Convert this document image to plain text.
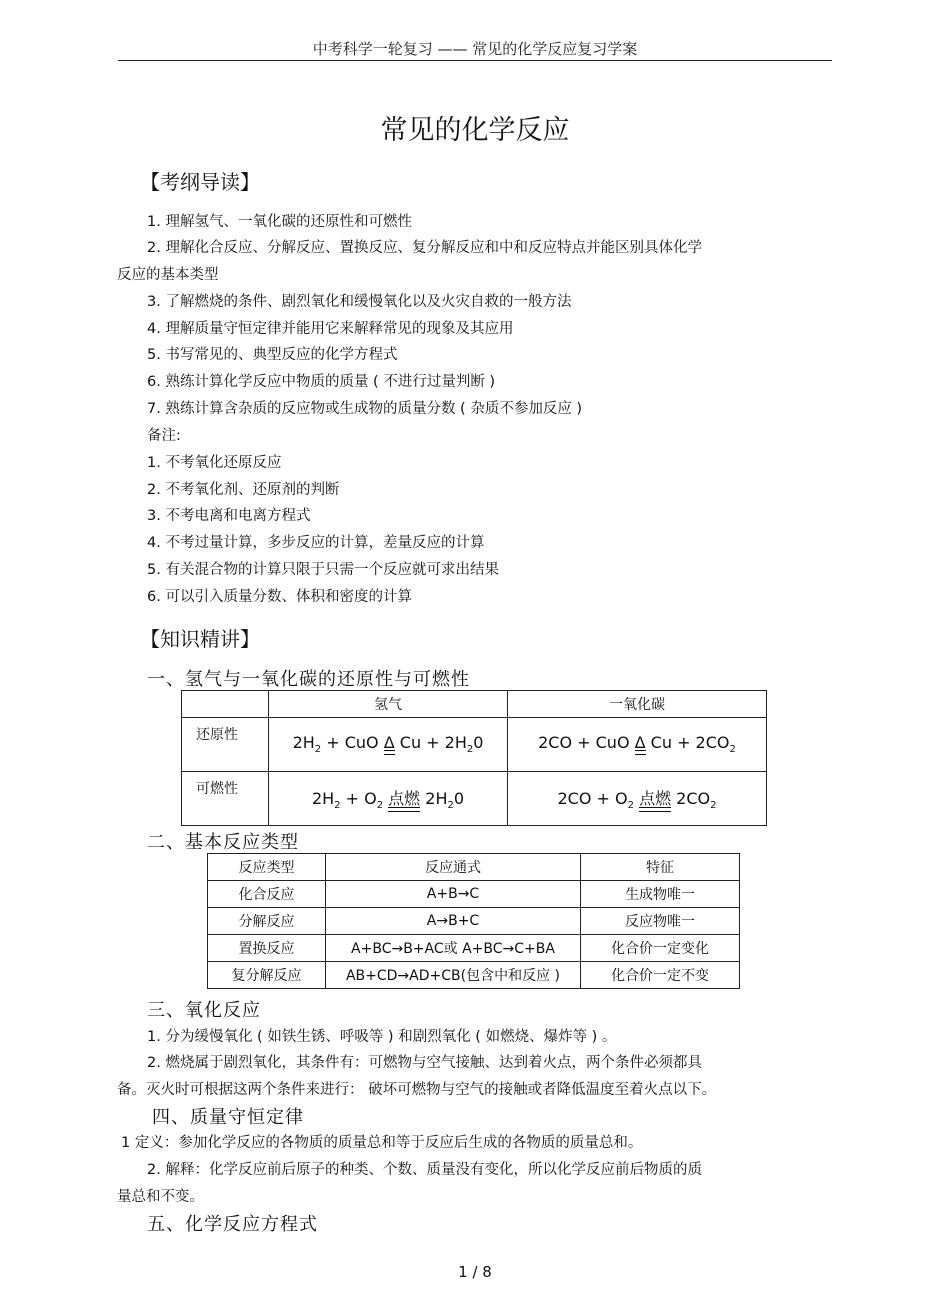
中考科学一轮复习 —— 常见的化学反应复习学案
常见的化学反应
【考纲导读】
1. 理解氢气、一氧化碳的还原性和可燃性
2. 理解化合反应、分解反应、置换反应、复分解反应和中和反应特点并能区别具体化学
反应的基本类型
3. 了解燃烧的条件、剧烈氧化和缓慢氧化以及火灾自救的一般方法
4. 理解质量守恒定律并能用它来解释常见的现象及其应用
5. 书写常见的、典型反应的化学方程式
6. 熟练计算化学反应中物质的质量 ( 不进行过量判断 )
7. 熟练计算含杂质的反应物或生成物的质量分数 ( 杂质不参加反应 )
备注:
1. 不考氧化还原反应
2. 不考氧化剂、还原剂的判断
3. 不考电离和电离方程式
4. 不考过量计算，多步反应的计算，差量反应的计算
5. 有关混合物的计算只限于只需一个反应就可求出结果
6. 可以引入质量分数、体积和密度的计算
【知识精讲】
一、氢气与一氧化碳的还原性与可燃性
	氢气	一氧化碳
还原性	$2H_2$ + CuO Δ $Cu + 2H_20$	2CO + CuO Δ $Cu + 2CO_2$
可燃性	$2H_2 + O_2$ 点燃 $2H_20$	$2CO + O_2$ 点燃 $2CO_2$
二、基本反应类型
反应类型	反应通式	特征
化合反应	A+B→C	生成物唯一
分解反应	A→B+C	反应物唯一
置换反应	A+BC→B+AC或 A+BC→C+BA	化合价一定变化
复分解反应	AB+CD→AD+CB(包含中和反应 )	化合价一定不变
三、氧化反应
1. 分为缓慢氧化 ( 如铁生锈、呼吸等 ) 和剧烈氧化 ( 如燃烧、爆炸等 ) 。
2. 燃烧属于剧烈氧化，其条件有：可燃物与空气接触、达到着火点，两个条件必须都具
备。灭火时可根据这两个条件来进行： 破坏可燃物与空气的接触或者降低温度至着火点以下。
四、质量守恒定律
1 定义：参加化学反应的各物质的质量总和等于反应后生成的各物质的质量总和。
2. 解释：化学反应前后原子的种类、个数、质量没有变化，所以化学反应前后物质的质
量总和不变。
五、化学反应方程式
1 / 8
